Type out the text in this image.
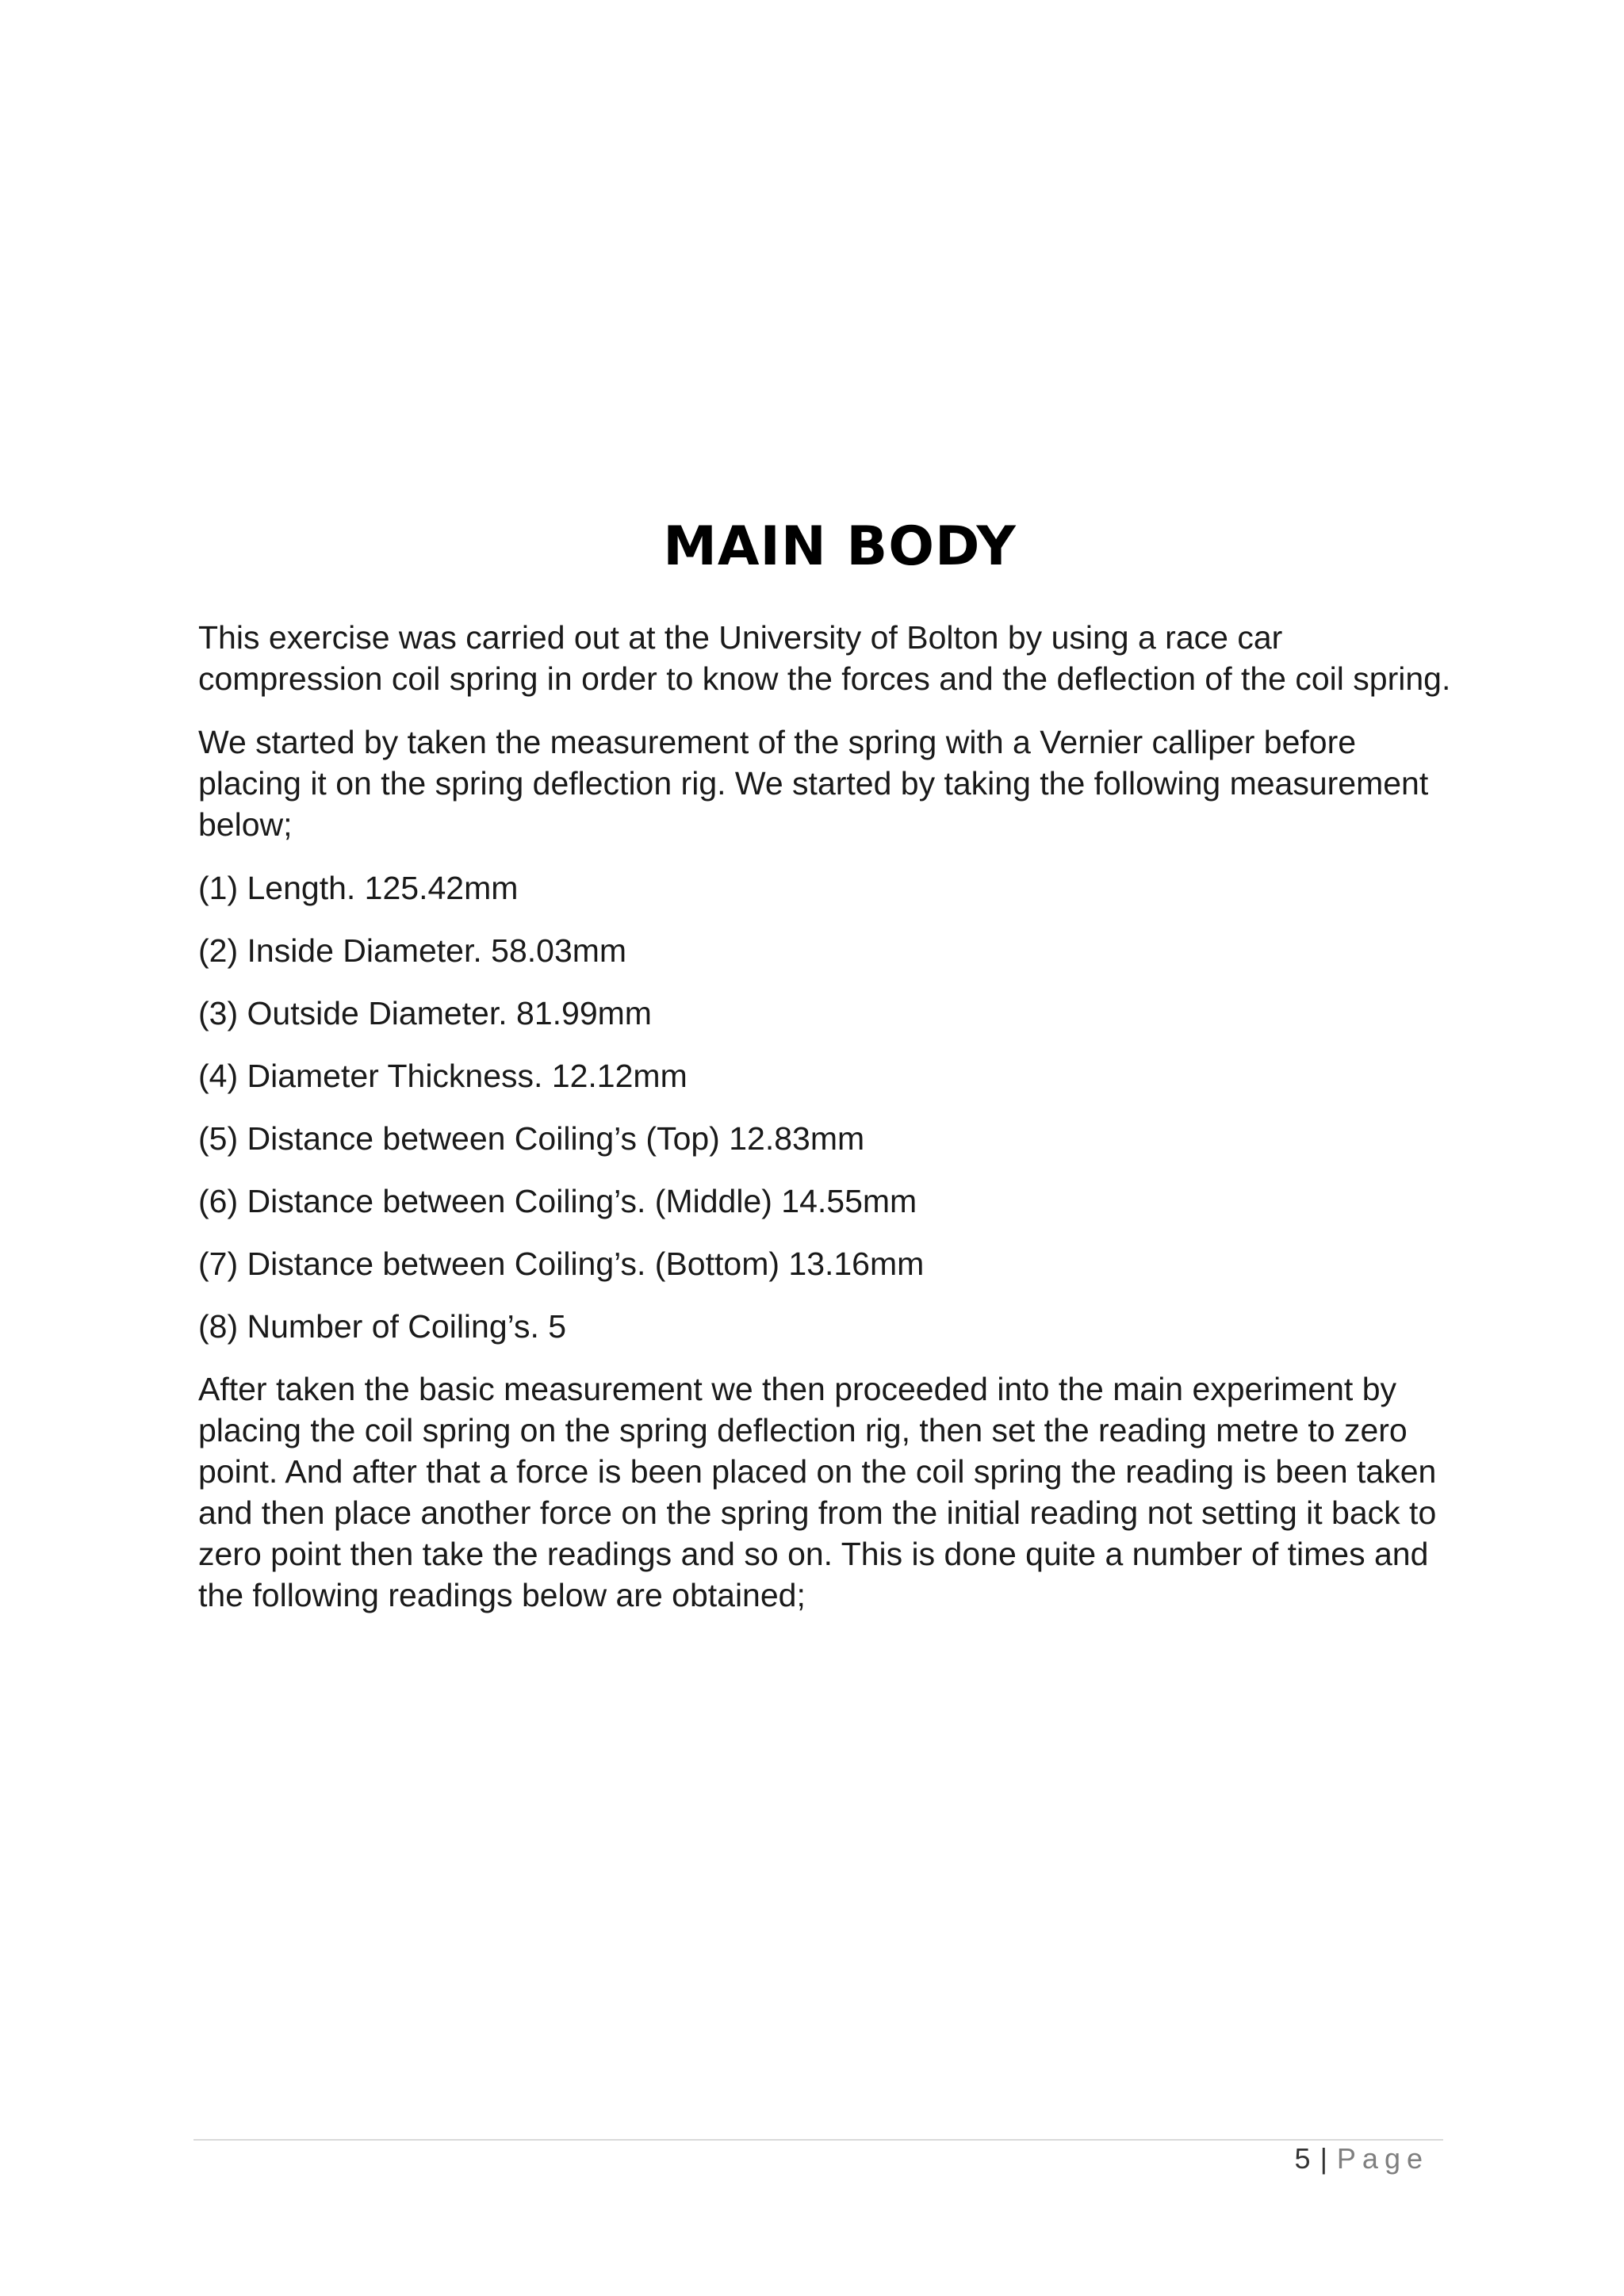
MAIN BODY

This exercise was carried out at the University of Bolton by using a race car compression coil spring in order to know the forces and the deflection of the coil spring.

We started by taken the measurement of the spring with a Vernier calliper before placing it on the spring deflection rig. We started by taking the following measurement below;

(1) Length. 125.42mm
(2) Inside Diameter. 58.03mm
(3) Outside Diameter. 81.99mm
(4) Diameter Thickness. 12.12mm
(5) Distance between Coiling’s (Top) 12.83mm
(6) Distance between Coiling’s. (Middle) 14.55mm
(7) Distance between Coiling’s. (Bottom) 13.16mm
(8) Number of Coiling’s. 5

After taken the basic measurement we then proceeded into the main experiment by placing the coil spring on the spring deflection rig, then set the reading metre to zero point. And after that a force is been placed on the coil spring the reading is been taken and then place another force on the spring from the initial reading not setting it back to zero point then take the readings and so on. This is done quite a number of times and the following readings below are obtained;

5 | Page
